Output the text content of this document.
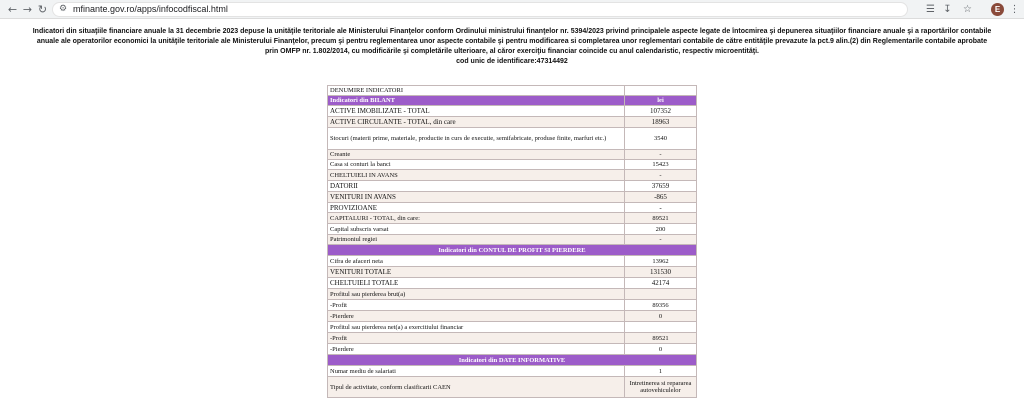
← → ↻ ⚙ mfinante.gov.ro/apps/infocodfiscal.html	☰ ↧ ☆	E ⋮
Indicatori din situaţiile financiare anuale la 31 decembrie 2023 depuse la unităţile teritoriale ale Ministerului Finanţelor conform Ordinului ministrului finanţelor nr. 5394/2023 privind principalele aspecte legate de întocmirea şi depunerea situaţiilor financiare anuale şi a raportărilor contabile
anuale ale operatorilor economici la unităţile teritoriale ale Ministerului Finanţelor, precum şi pentru reglementarea unor aspecte contabile şi pentru modificarea si completarea unor reglementari contabile de către entităţile prevazute la pct.9 alin.(2) din Reglementarile contabile aprobate
prin OMFP nr. 1.802/2014, cu modificările şi completările ulterioare, al căror exerciţiu financiar coincide cu anul calendaristic, respectiv microentităţi.
cod unic de identificare:47314492
DENUMIRE INDICATORI	
Indicatori din BILANT	lei
ACTIVE IMOBILIZATE - TOTAL	107352
ACTIVE CIRCULANTE - TOTAL, din care	18963
Stocuri (materii prime, materiale, productie in curs de executie, semifabricate, produse finite, marfuri etc.)	3540
Creante	-
Casa si conturi la banci	15423
CHELTUIELI IN AVANS	-
DATORII	37659
VENITURI IN AVANS	-865
PROVIZIOANE	-
CAPITALURI - TOTAL, din care:	89521
Capital subscris varsat	200
Patrimoniul regiei	-
Indicatori din CONTUL DE PROFIT SI PIERDERE	
Cifra de afaceri neta	13962
VENITURI TOTALE	131530
CHELTUIELI TOTALE	42174
Profitul sau pierderea brut(a)	
-Profit	89356
-Pierdere	0
Profitul sau pierderea net(a) a exercitiului financiar	
-Profit	89521
-Pierdere	0
Indicatori din DATE INFORMATIVE	
Numar mediu de salariati	1
Tipul de activitate, conform clasificarii CAEN	Intretinerea si repararea autovehiculelor
